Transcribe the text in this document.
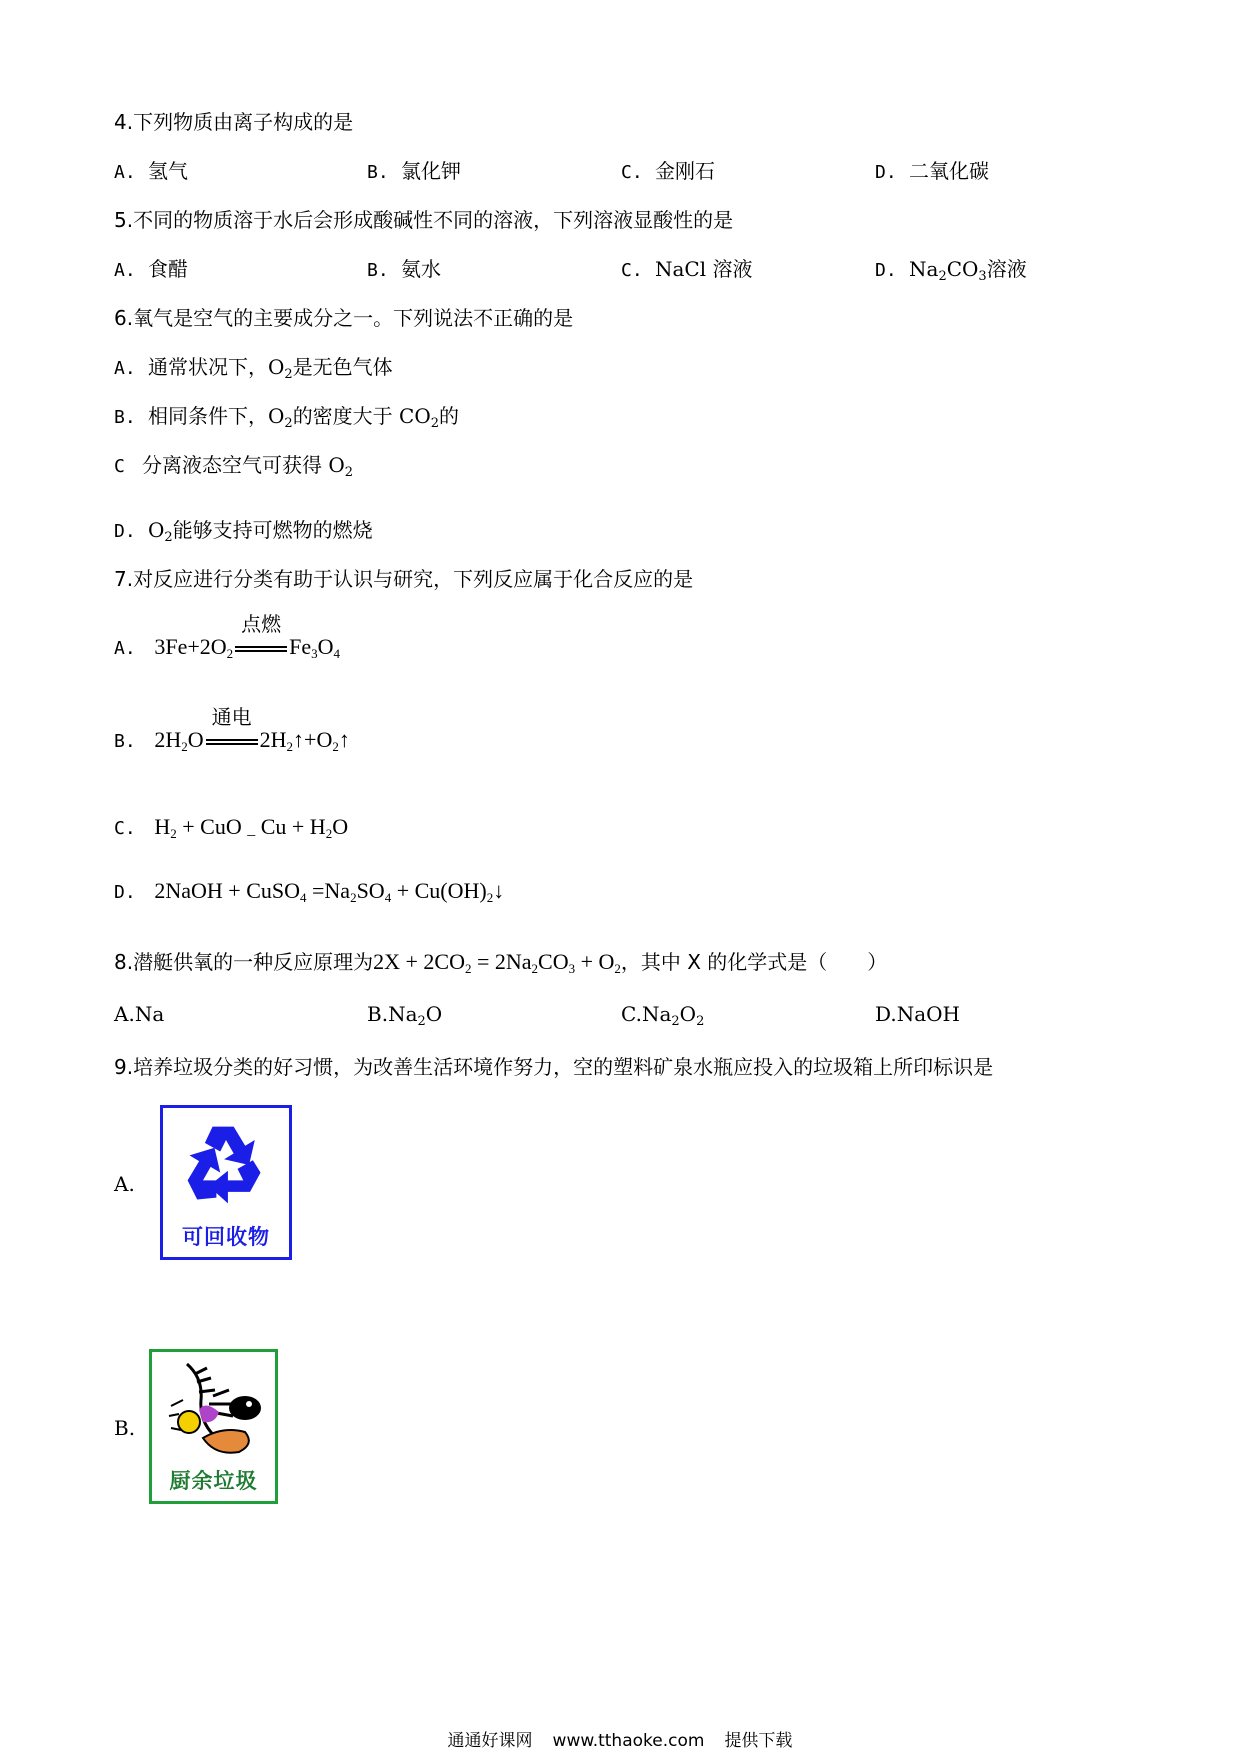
4.下列物质由离子构成的是
A. 氢气	B. 氯化钾	C. 金刚石	D. 二氧化碳
5.不同的物质溶于水后会形成酸碱性不同的溶液，下列溶液显酸性的是
A. 食醋	B. 氨水	C. NaCl 溶液	D. $Na_2CO_3$溶液
6.氧气是空气的主要成分之一。下列说法不正确的是
A. 通常状况下，$O_2$是无色气体
B. 相同条件下，$O_2$的密度大于 $CO_2$的
C 分离液态空气可获得 $O_2$
D. $O_2$能够支持可燃物的燃烧
7.对反应进行分类有助于认识与研究，下列反应属于化合反应的是
A. $3Fe+2O_2$
点燃
$Fe_3O_4$
B. $2H_2O$
通电
$2H_2↑+O_2↑$
C. $H_2$ + CuO _ $Cu + H_2O$
D. 2NaOH + CuSO$_4$ $=Na_2SO_4$ + $Cu(OH)_2↓$
8.潜艇供氧的一种反应原理为$2X + 2CO_2 = 2Na_2CO_3 + O_2$，其中 X 的化学式是（　　）
A.Na	$B.Na_2O$	$C.Na_2O_2$	D.NaOH
9.培养垃圾分类的好习惯，为改善生活环境作努力，空的塑料矿泉水瓶应投入的垃圾箱上所印标识是
A.
可回收物
B.
厨余垃圾
通通好课网 www.tthaoke.com 提供下载
